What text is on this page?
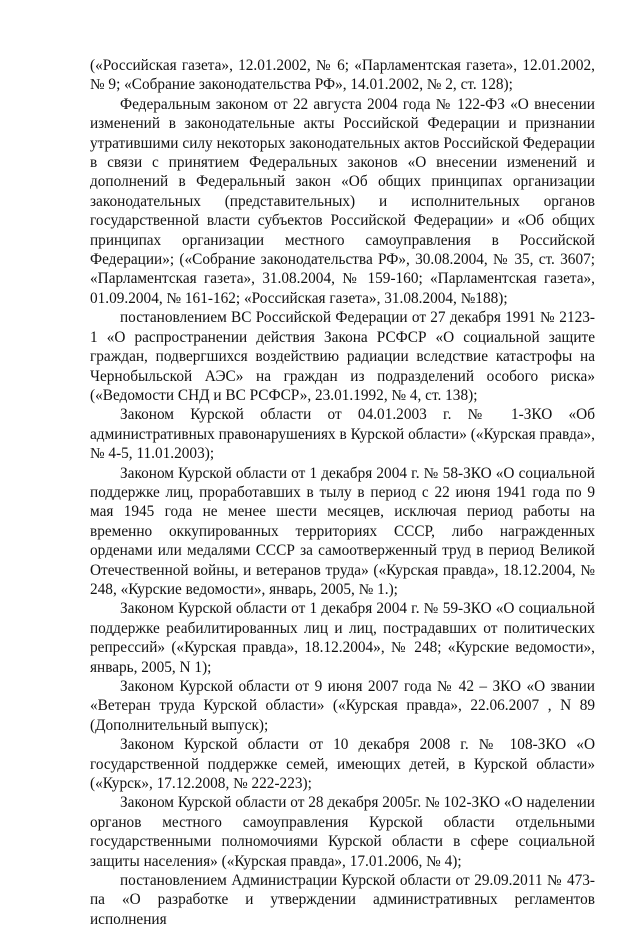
(«Российская газета», 12.01.2002, № 6; «Парламентская газета», 12.01.2002, № 9; «Собрание законодательства РФ», 14.01.2002, № 2, ст. 128);

Федеральным законом от 22 августа 2004 года № 122-ФЗ «О внесении изменений в законодательные акты Российской Федерации и признании утратившими силу некоторых законодательных актов Российской Федерации в связи с принятием Федеральных законов «О внесении изменений и дополнений в Федеральный закон «Об общих принципах организации законодательных (представительных) и исполнительных органов государственной власти субъектов Российской Федерации» и «Об общих принципах организации местного самоуправления в Российской Федерации»; («Собрание законодательства РФ», 30.08.2004, № 35, ст. 3607; «Парламентская газета», 31.08.2004, № 159-160; «Парламентская газета», 01.09.2004, № 161-162; «Российская газета», 31.08.2004, №188);

постановлением ВС Российской Федерации от 27 декабря 1991 № 2123-1 «О распространении действия Закона РСФСР «О социальной защите граждан, подвергшихся воздействию радиации вследствие катастрофы на Чернобыльской АЭС» на граждан из подразделений особого риска» («Ведомости СНД и ВС РСФСР», 23.01.1992, № 4, ст. 138);

Законом Курской области от 04.01.2003 г. № 1-ЗКО «Об административных правонарушениях в Курской области» («Курская правда», № 4-5, 11.01.2003);

Законом Курской области от 1 декабря 2004 г. № 58-ЗКО «О социальной поддержке лиц, проработавших в тылу в период с 22 июня 1941 года по 9 мая 1945 года не менее шести месяцев, исключая период работы на временно оккупированных территориях СССР, либо награжденных орденами или медалями СССР за самоотверженный труд в период Великой Отечественной войны, и ветеранов труда» («Курская правда», 18.12.2004, № 248, «Курские ведомости», январь, 2005, № 1.);

Законом Курской области от 1 декабря 2004 г. № 59-ЗКО «О социальной поддержке реабилитированных лиц и лиц, пострадавших от политических репрессий» («Курская правда», 18.12.2004», № 248; «Курские ведомости», январь, 2005, N 1);

Законом Курской области от 9 июня 2007 года № 42 – ЗКО «О звании «Ветеран труда Курской области» («Курская правда», 22.06.2007 , N 89 (Дополнительный выпуск);

Законом Курской области от 10 декабря 2008 г. № 108-ЗКО «О государственной поддержке семей, имеющих детей, в Курской области» («Курск», 17.12.2008, № 222-223);

Законом Курской области от 28 декабря 2005г. № 102-ЗКО «О наделении органов местного самоуправления Курской области отдельными государственными полномочиями Курской области в сфере социальной защиты населения» («Курская правда», 17.01.2006, № 4);

постановлением Администрации Курской области от 29.09.2011 № 473-па «О разработке и утверждении административных регламентов исполнения
